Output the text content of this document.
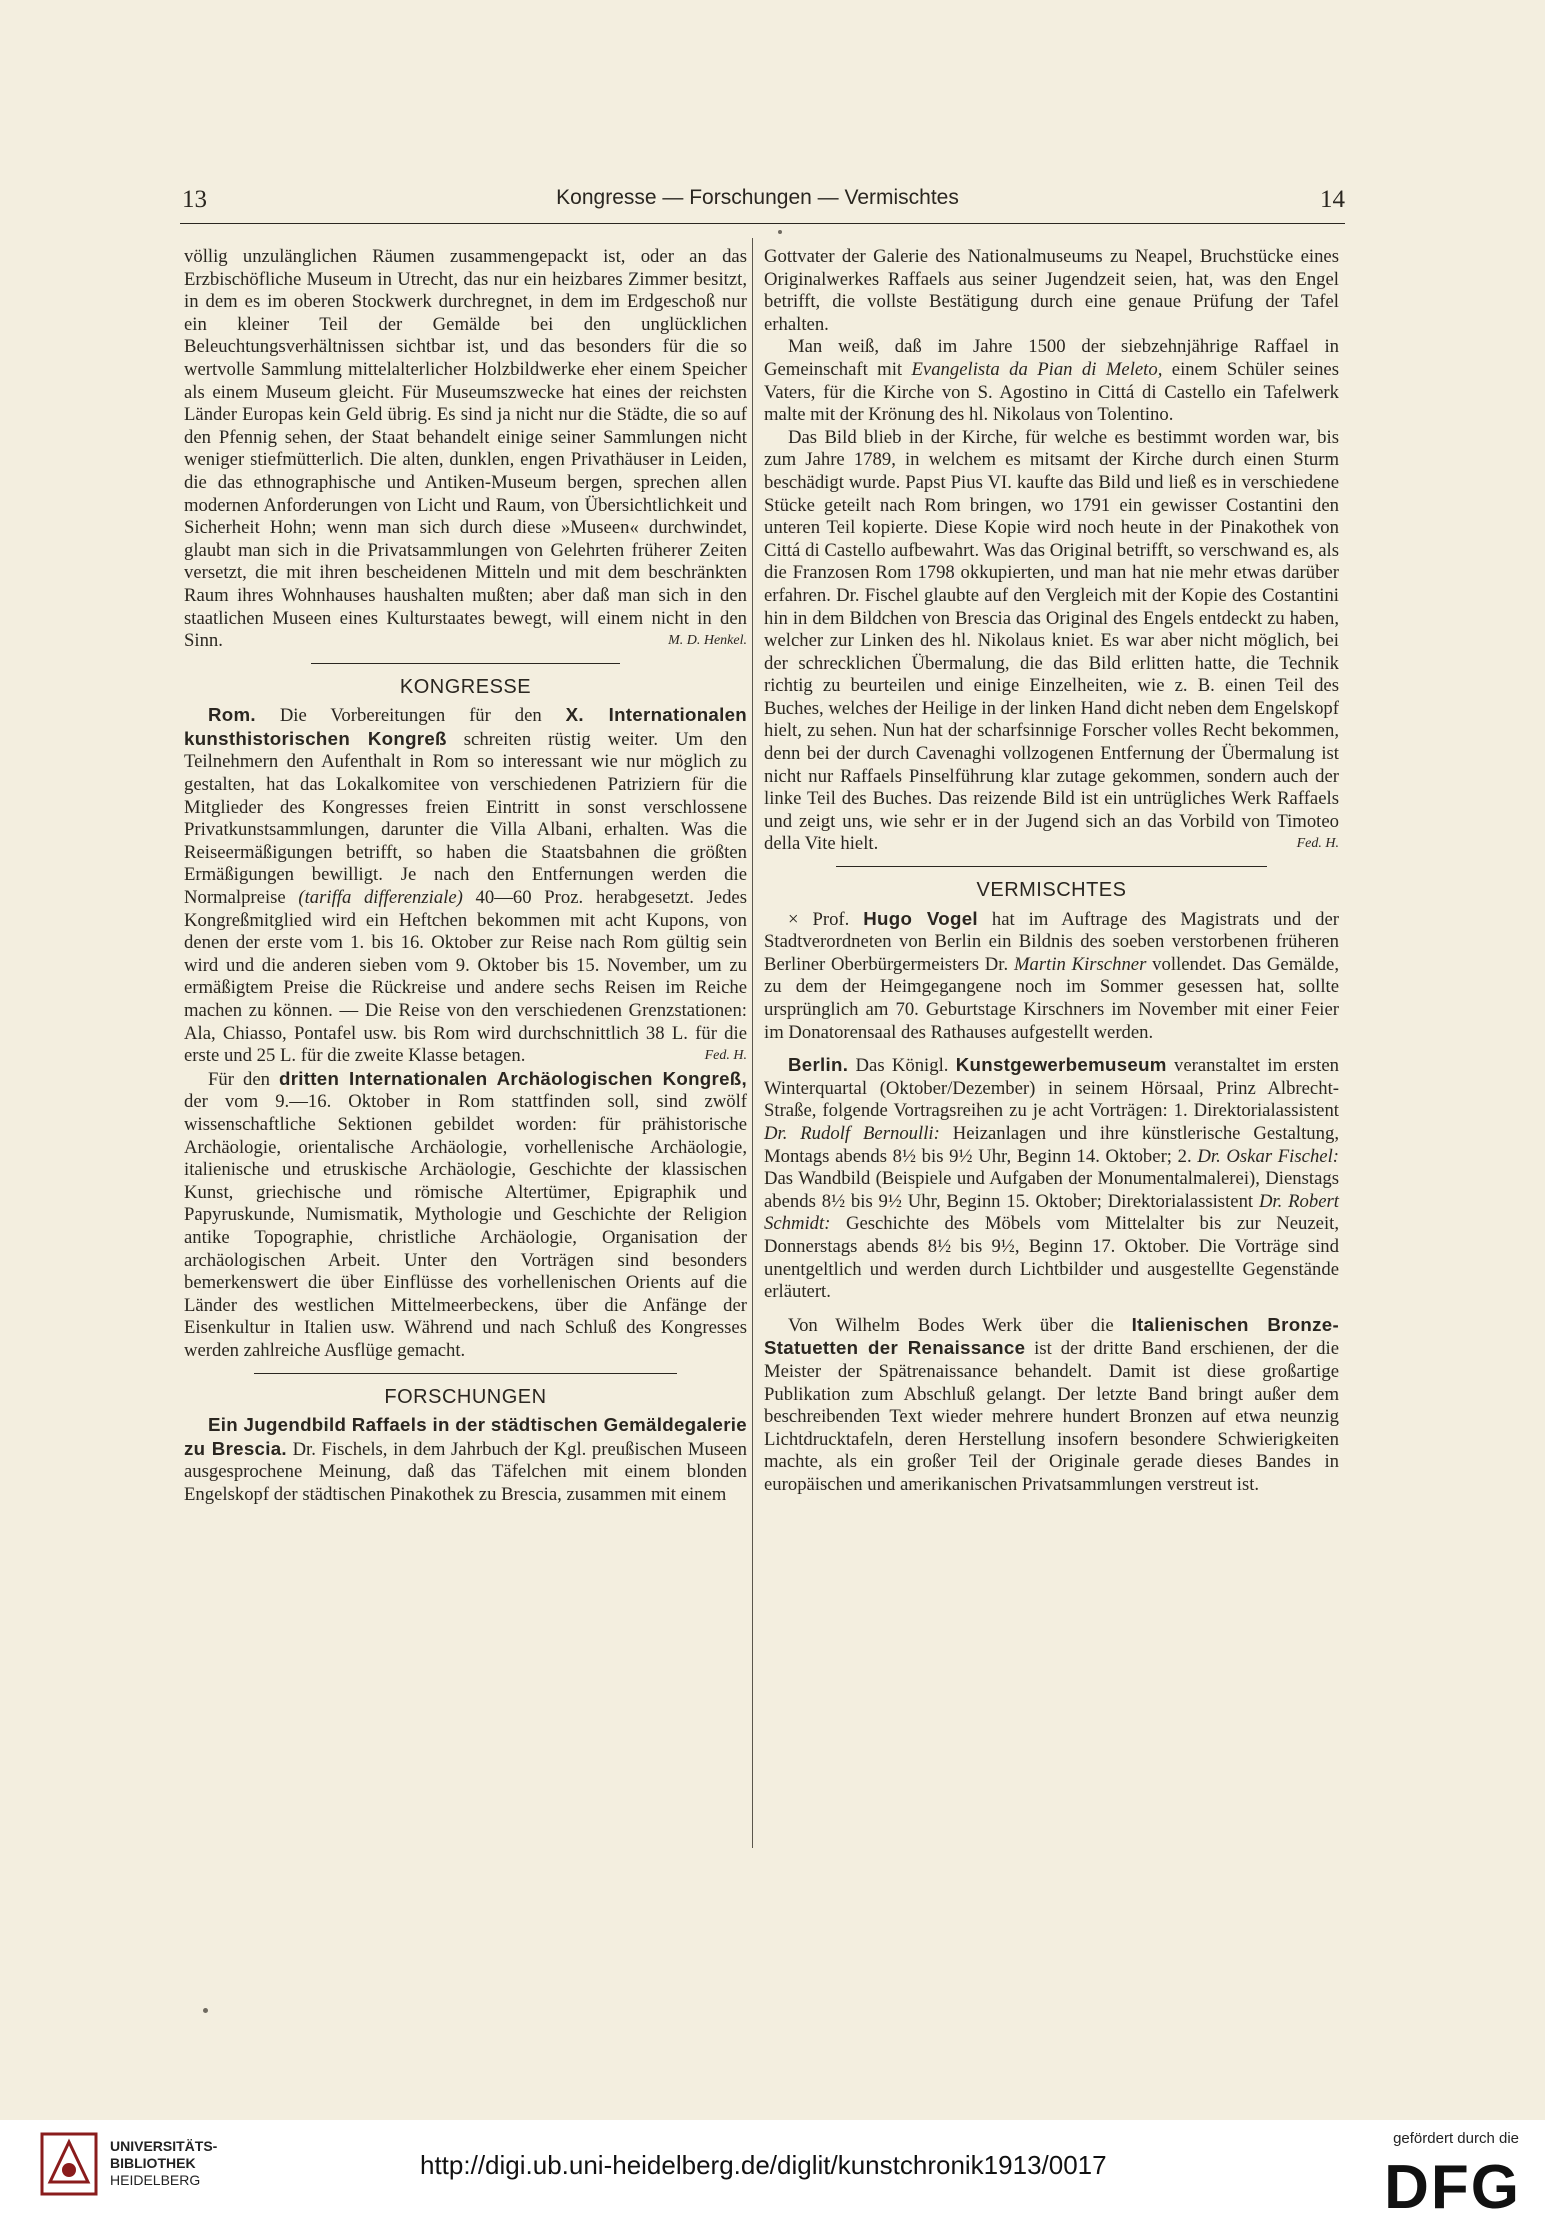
13	Kongresse — Forschungen — Vermischtes	14

völlig unzulänglichen Räumen zusammengepackt ist, oder an das Erzbischöfliche Museum in Utrecht, das nur ein heizbares Zimmer besitzt, in dem es im oberen Stockwerk durchregnet, in dem im Erdgeschoß nur ein kleiner Teil der Gemälde bei den unglücklichen Beleuchtungsverhältnissen sichtbar ist, und das besonders für die so wertvolle Sammlung mittelalterlicher Holzbildwerke eher einem Speicher als einem Museum gleicht. Für Museumszwecke hat eines der reichsten Länder Europas kein Geld übrig. Es sind ja nicht nur die Städte, die so auf den Pfennig sehen, der Staat behandelt einige seiner Sammlungen nicht weniger stiefmütterlich. Die alten, dunklen, engen Privathäuser in Leiden, die das ethnographische und Antiken-Museum bergen, sprechen allen modernen Anforderungen von Licht und Raum, von Übersichtlichkeit und Sicherheit Hohn; wenn man sich durch diese »Museen« durchwindet, glaubt man sich in die Privatsammlungen von Gelehrten früherer Zeiten versetzt, die mit ihren bescheidenen Mitteln und mit dem beschränkten Raum ihres Wohnhauses haushalten mußten; aber daß man sich in den staatlichen Museen eines Kulturstaates bewegt, will einem nicht in den Sinn.	M. D. Henkel.

KONGRESSE

Rom. Die Vorbereitungen für den X. Internationalen kunsthistorischen Kongreß schreiten rüstig weiter. Um den Teilnehmern den Aufenthalt in Rom so interessant wie nur möglich zu gestalten, hat das Lokalkomitee von verschiedenen Patriziern für die Mitglieder des Kongresses freien Eintritt in sonst verschlossene Privatkunstsammlungen, darunter die Villa Albani, erhalten. Was die Reiseermäßigungen betrifft, so haben die Staatsbahnen die größten Ermäßigungen bewilligt. Je nach den Entfernungen werden die Normalpreise (tariffa differenziale) 40—60 Proz. herabgesetzt. Jedes Kongreßmitglied wird ein Heftchen bekommen mit acht Kupons, von denen der erste vom 1. bis 16. Oktober zur Reise nach Rom gültig sein wird und die anderen sieben vom 9. Oktober bis 15. November, um zu ermäßigtem Preise die Rückreise und andere sechs Reisen im Reiche machen zu können. — Die Reise von den verschiedenen Grenzstationen: Ala, Chiasso, Pontafel usw. bis Rom wird durchschnittlich 38 L. für die erste und 25 L. für die zweite Klasse betagen.	Fed. H.

Für den dritten Internationalen Archäologischen Kongreß, der vom 9.—16. Oktober in Rom stattfinden soll, sind zwölf wissenschaftliche Sektionen gebildet worden: für prähistorische Archäologie, orientalische Archäologie, vorhellenische Archäologie, italienische und etruskische Archäologie, Geschichte der klassischen Kunst, griechische und römische Altertümer, Epigraphik und Papyruskunde, Numismatik, Mythologie und Geschichte der Religion antike Topographie, christliche Archäologie, Organisation der archäologischen Arbeit. Unter den Vorträgen sind besonders bemerkenswert die über Einflüsse des vorhellenischen Orients auf die Länder des westlichen Mittelmeerbeckens, über die Anfänge der Eisenkultur in Italien usw. Während und nach Schluß des Kongresses werden zahlreiche Ausflüge gemacht.

FORSCHUNGEN

Ein Jugendbild Raffaels in der städtischen Gemäldegalerie zu Brescia. Dr. Fischels, in dem Jahrbuch der Kgl. preußischen Museen ausgesprochene Meinung, daß das Täfelchen mit einem blonden Engelskopf der städtischen Pinakothek zu Brescia, zusammen mit einem

Gottvater der Galerie des Nationalmuseums zu Neapel, Bruchstücke eines Originalwerkes Raffaels aus seiner Jugendzeit seien, hat, was den Engel betrifft, die vollste Bestätigung durch eine genaue Prüfung der Tafel erhalten.

Man weiß, daß im Jahre 1500 der siebzehnjährige Raffael in Gemeinschaft mit Evangelista da Pian di Meleto, einem Schüler seines Vaters, für die Kirche von S. Agostino in Cittá di Castello ein Tafelwerk malte mit der Krönung des hl. Nikolaus von Tolentino.

Das Bild blieb in der Kirche, für welche es bestimmt worden war, bis zum Jahre 1789, in welchem es mitsamt der Kirche durch einen Sturm beschädigt wurde. Papst Pius VI. kaufte das Bild und ließ es in verschiedene Stücke geteilt nach Rom bringen, wo 1791 ein gewisser Costantini den unteren Teil kopierte. Diese Kopie wird noch heute in der Pinakothek von Cittá di Castello aufbewahrt. Was das Original betrifft, so verschwand es, als die Franzosen Rom 1798 okkupierten, und man hat nie mehr etwas darüber erfahren. Dr. Fischel glaubte auf den Vergleich mit der Kopie des Costantini hin in dem Bildchen von Brescia das Original des Engels entdeckt zu haben, welcher zur Linken des hl. Nikolaus kniet. Es war aber nicht möglich, bei der schrecklichen Übermalung, die das Bild erlitten hatte, die Technik richtig zu beurteilen und einige Einzelheiten, wie z. B. einen Teil des Buches, welches der Heilige in der linken Hand dicht neben dem Engelskopf hielt, zu sehen. Nun hat der scharfsinnige Forscher volles Recht bekommen, denn bei der durch Cavenaghi vollzogenen Entfernung der Übermalung ist nicht nur Raffaels Pinselführung klar zutage gekommen, sondern auch der linke Teil des Buches. Das reizende Bild ist ein untrügliches Werk Raffaels und zeigt uns, wie sehr er in der Jugend sich an das Vorbild von Timoteo della Vite hielt.	Fed. H.

VERMISCHTES

× Prof. Hugo Vogel hat im Auftrage des Magistrats und der Stadtverordneten von Berlin ein Bildnis des soeben verstorbenen früheren Berliner Oberbürgermeisters Dr. Martin Kirschner vollendet. Das Gemälde, zu dem der Heimgegangene noch im Sommer gesessen hat, sollte ursprünglich am 70. Geburtstage Kirschners im November mit einer Feier im Donatorensaal des Rathauses aufgestellt werden.

Berlin. Das Königl. Kunstgewerbemuseum veranstaltet im ersten Winterquartal (Oktober/Dezember) in seinem Hörsaal, Prinz Albrecht-Straße, folgende Vortragsreihen zu je acht Vorträgen: 1. Direktorialassistent Dr. Rudolf Bernoulli: Heizanlagen und ihre künstlerische Gestaltung, Montags abends 8½ bis 9½ Uhr, Beginn 14. Oktober; 2. Dr. Oskar Fischel: Das Wandbild (Beispiele und Aufgaben der Monumentalmalerei), Dienstags abends 8½ bis 9½ Uhr, Beginn 15. Oktober; Direktorialassistent Dr. Robert Schmidt: Geschichte des Möbels vom Mittelalter bis zur Neuzeit, Donnerstags abends 8½ bis 9½, Beginn 17. Oktober. Die Vorträge sind unentgeltlich und werden durch Lichtbilder und ausgestellte Gegenstände erläutert.

Von Wilhelm Bodes Werk über die Italienischen Bronze-Statuetten der Renaissance ist der dritte Band erschienen, der die Meister der Spätrenaissance behandelt. Damit ist diese großartige Publikation zum Abschluß gelangt. Der letzte Band bringt außer dem beschreibenden Text wieder mehrere hundert Bronzen auf etwa neunzig Lichtdrucktafeln, deren Herstellung insofern besondere Schwierigkeiten machte, als ein großer Teil der Originale gerade dieses Bandes in europäischen und amerikanischen Privatsammlungen verstreut ist.

UNIVERSITÄTS-
BIBLIOTHEK
HEIDELBERG	http://digi.ub.uni-heidelberg.de/diglit/kunstchronik1913/0017
gefördert durch die
DFG
